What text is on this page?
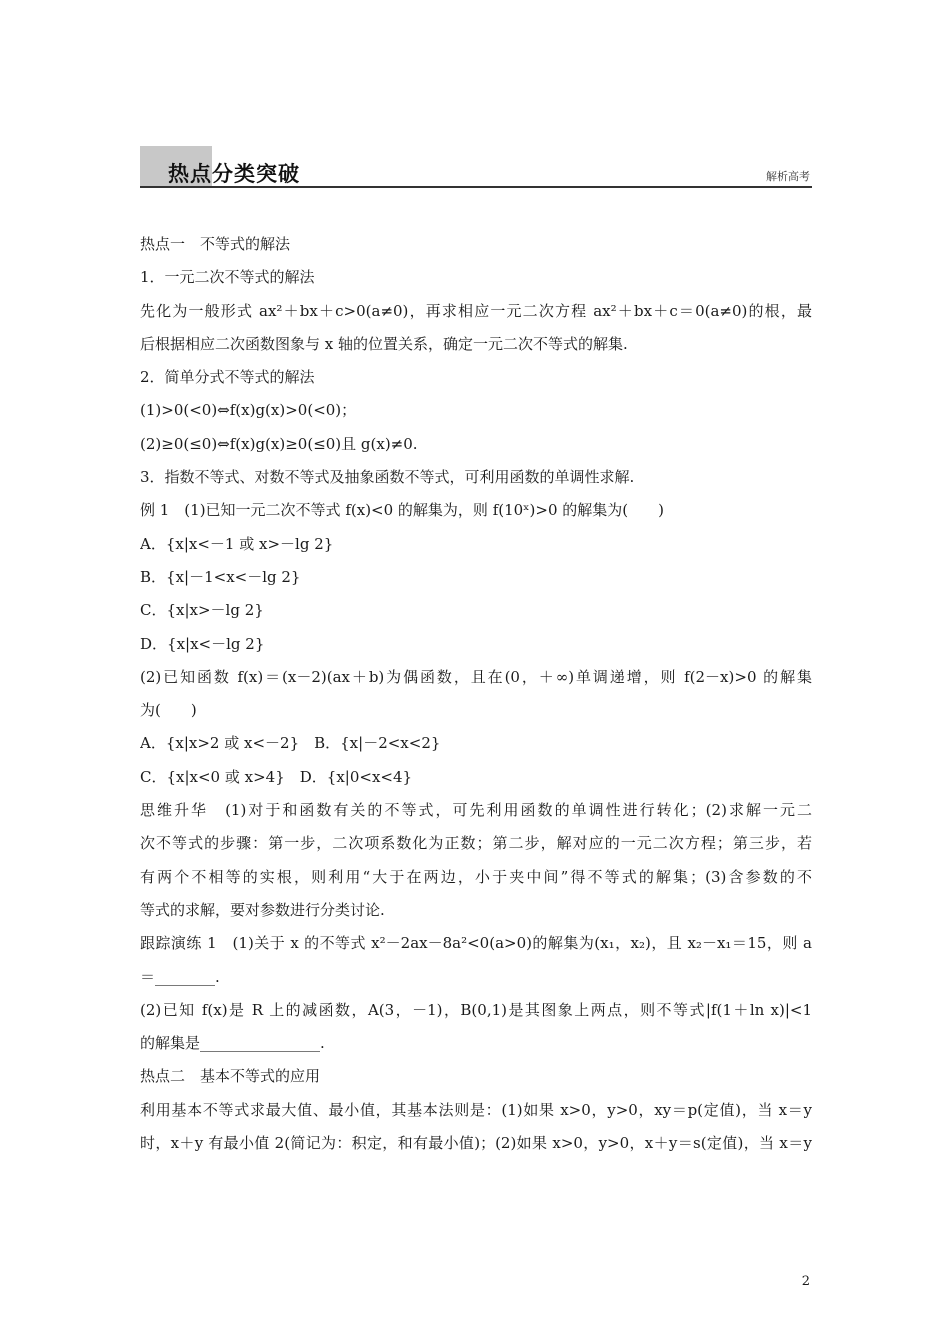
热点分类突破	解析高考
热点一　不等式的解法
1．一元二次不等式的解法
先化为一般形式 ax²＋bx＋c>0(a≠0)，再求相应一元二次方程 ax²＋bx＋c＝0(a≠0)的根，最
后根据相应二次函数图象与 x 轴的位置关系，确定一元二次不等式的解集.
2．简单分式不等式的解法
(1)>0(<0)⇔f(x)g(x)>0(<0)；
(2)≥0(≤0)⇔f(x)g(x)≥0(≤0)且 g(x)≠0.
3．指数不等式、对数不等式及抽象函数不等式，可利用函数的单调性求解.
例 1　(1)已知一元二次不等式 f(x)<0 的解集为，则 f(10ˣ)>0 的解集为(　　)
A．{x|x<－1 或 x>－lg 2}
B．{x|－1<x<－lg 2}
C．{x|x>－lg 2}
D．{x|x<－lg 2}
(2)已知函数 f(x)＝(x－2)(ax＋b)为偶函数，且在(0，＋∞)单调递增，则 f(2－x)>0 的解集
为(　　)
A．{x|x>2 或 x<－2}　B．{x|－2<x<2}
C．{x|x<0 或 x>4}　D．{x|0<x<4}
思维升华　(1)对于和函数有关的不等式，可先利用函数的单调性进行转化；(2)求解一元二
次不等式的步骤：第一步，二次项系数化为正数；第二步，解对应的一元二次方程；第三步，若
有两个不相等的实根，则利用“大于在两边，小于夹中间”得不等式的解集；(3)含参数的不
等式的求解，要对参数进行分类讨论.
跟踪演练 1　(1)关于 x 的不等式 x²－2ax－8a²<0(a>0)的解集为(x₁，x₂)，且 x₂－x₁＝15，则 a
＝________.
(2)已知 f(x)是 R 上的减函数，A(3，－1)，B(0,1)是其图象上两点，则不等式|f(1＋ln x)|<1
的解集是________________.
热点二　基本不等式的应用
利用基本不等式求最大值、最小值，其基本法则是：(1)如果 x>0，y>0，xy＝p(定值)，当 x＝y
时，x＋y 有最小值 2(简记为：积定，和有最小值)；(2)如果 x>0，y>0，x＋y＝s(定值)，当 x＝y
2
